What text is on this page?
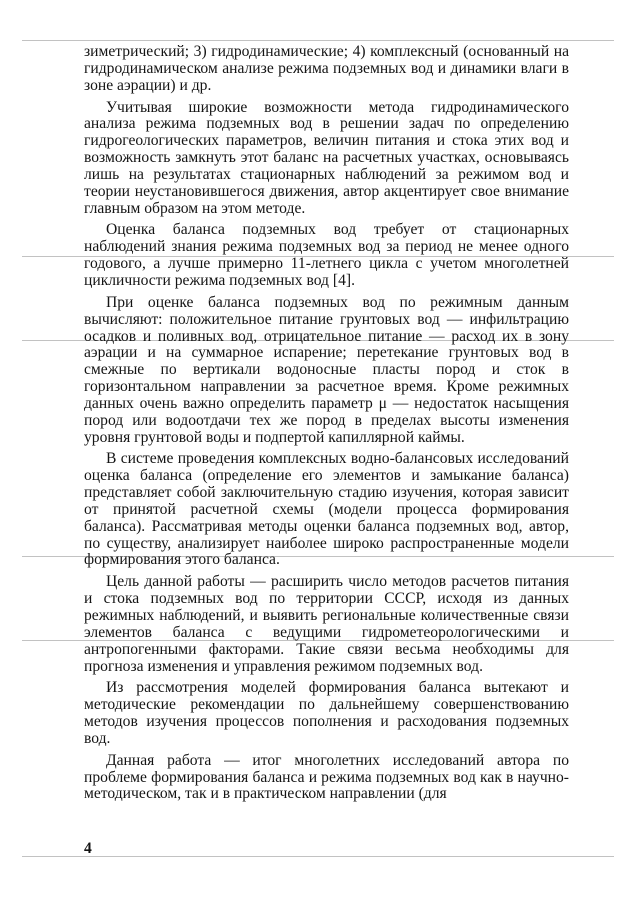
зиметрический; 3) гидродинамические; 4) комплексный (основанный на гидродинамическом анализе режима подземных вод и динамики влаги в зоне аэрации) и др.

Учитывая широкие возможности метода гидродинамического анализа режима подземных вод в решении задач по определению гидрогеологических параметров, величин питания и стока этих вод и возможность замкнуть этот баланс на расчетных участках, основываясь лишь на результатах стационарных наблюдений за режимом вод и теории неустановившегося движения, автор акцентирует свое внимание главным образом на этом методе.

Оценка баланса подземных вод требует от стационарных наблюдений знания режима подземных вод за период не менее одного годового, а лучше примерно 11-летнего цикла с учетом многолетней цикличности режима подземных вод [4].

При оценке баланса подземных вод по режимным данным вычисляют: положительное питание грунтовых вод — инфильтрацию осадков и поливных вод, отрицательное питание — расход их в зону аэрации и на суммарное испарение; перетекание грунтовых вод в смежные по вертикали водоносные пласты пород и сток в горизонтальном направлении за расчетное время. Кроме режимных данных очень важно определить параметр μ — недостаток насыщения пород или водоотдачи тех же пород в пределах высоты изменения уровня грунтовой воды и подпертой капиллярной каймы.

В системе проведения комплексных водно-балансовых исследований оценка баланса (определение его элементов и замыкание баланса) представляет собой заключительную стадию изучения, которая зависит от принятой расчетной схемы (модели процесса формирования баланса). Рассматривая методы оценки баланса подземных вод, автор, по существу, анализирует наиболее широко распространенные модели формирования этого баланса.

Цель данной работы — расширить число методов расчетов питания и стока подземных вод по территории СССР, исходя из данных режимных наблюдений, и выявить региональные количественные связи элементов баланса с ведущими гидрометеорологическими и антропогенными факторами. Такие связи весьма необходимы для прогноза изменения и управления режимом подземных вод.

Из рассмотрения моделей формирования баланса вытекают и методические рекомендации по дальнейшему совершенствованию методов изучения процессов пополнения и расходования подземных вод.

Данная работа — итог многолетних исследований автора по проблеме формирования баланса и режима подземных вод как в научно-методическом, так и в практическом направлении (для

4
